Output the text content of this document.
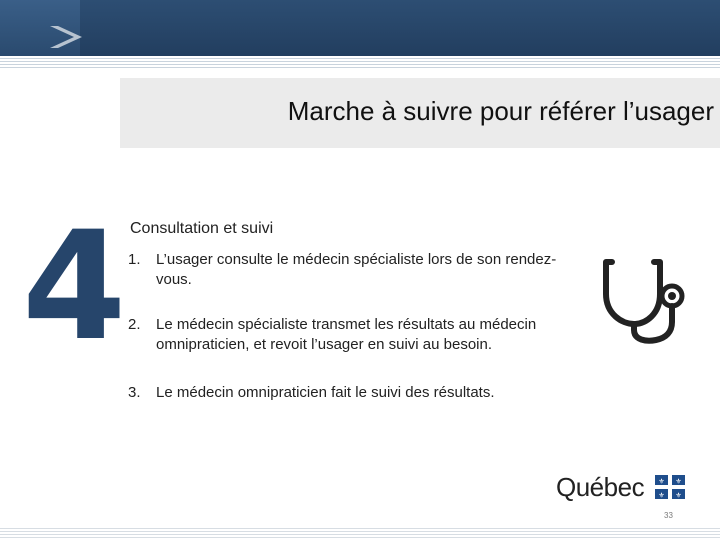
Marche à suivre pour référer l’usager
4 Consultation et suivi
1. L’usager consulte le médecin spécialiste lors de son rendez-vous.
2. Le médecin spécialiste transmet les résultats au médecin omnipraticien, et revoit l’usager en suivi au besoin.
3. Le médecin omnipraticien fait le suivi des résultats.
Québec ⚜ ⚜
⚜ ⚜
33
